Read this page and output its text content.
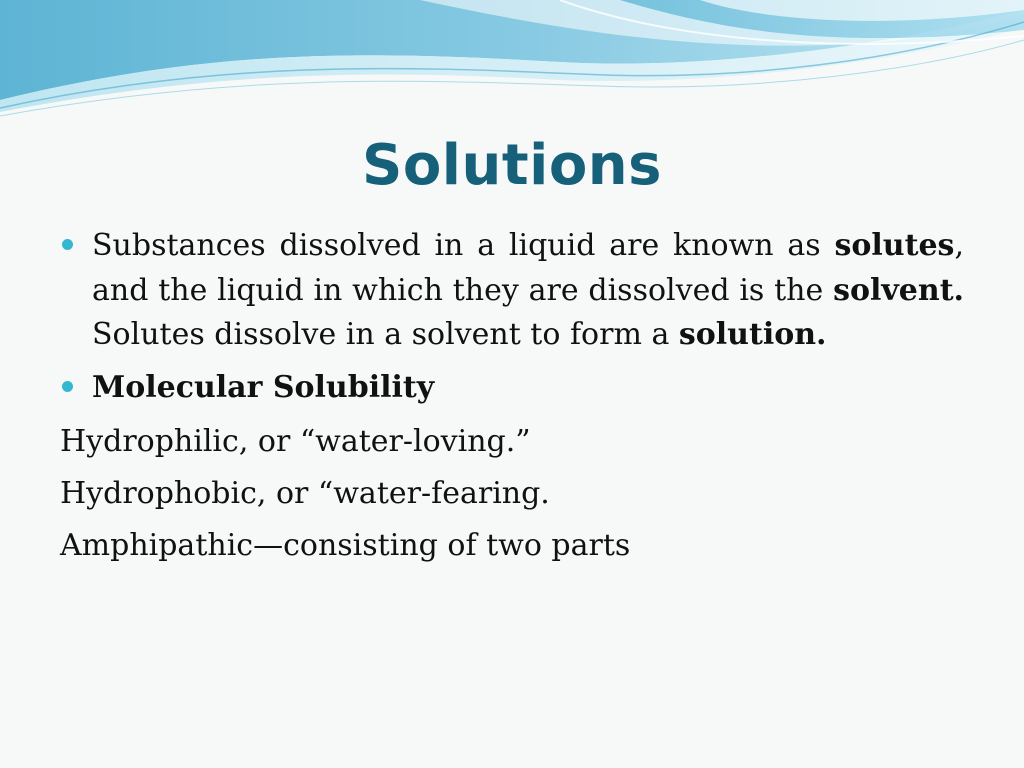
Solutions
Substances dissolved in a liquid are known as solutes, and the liquid in which they are dissolved is the solvent. Solutes dissolve in a solvent to form a solution.
Molecular Solubility
Hydrophilic, or “water-loving.”
Hydrophobic, or “water-fearing.
Amphipathic—consisting of two parts
